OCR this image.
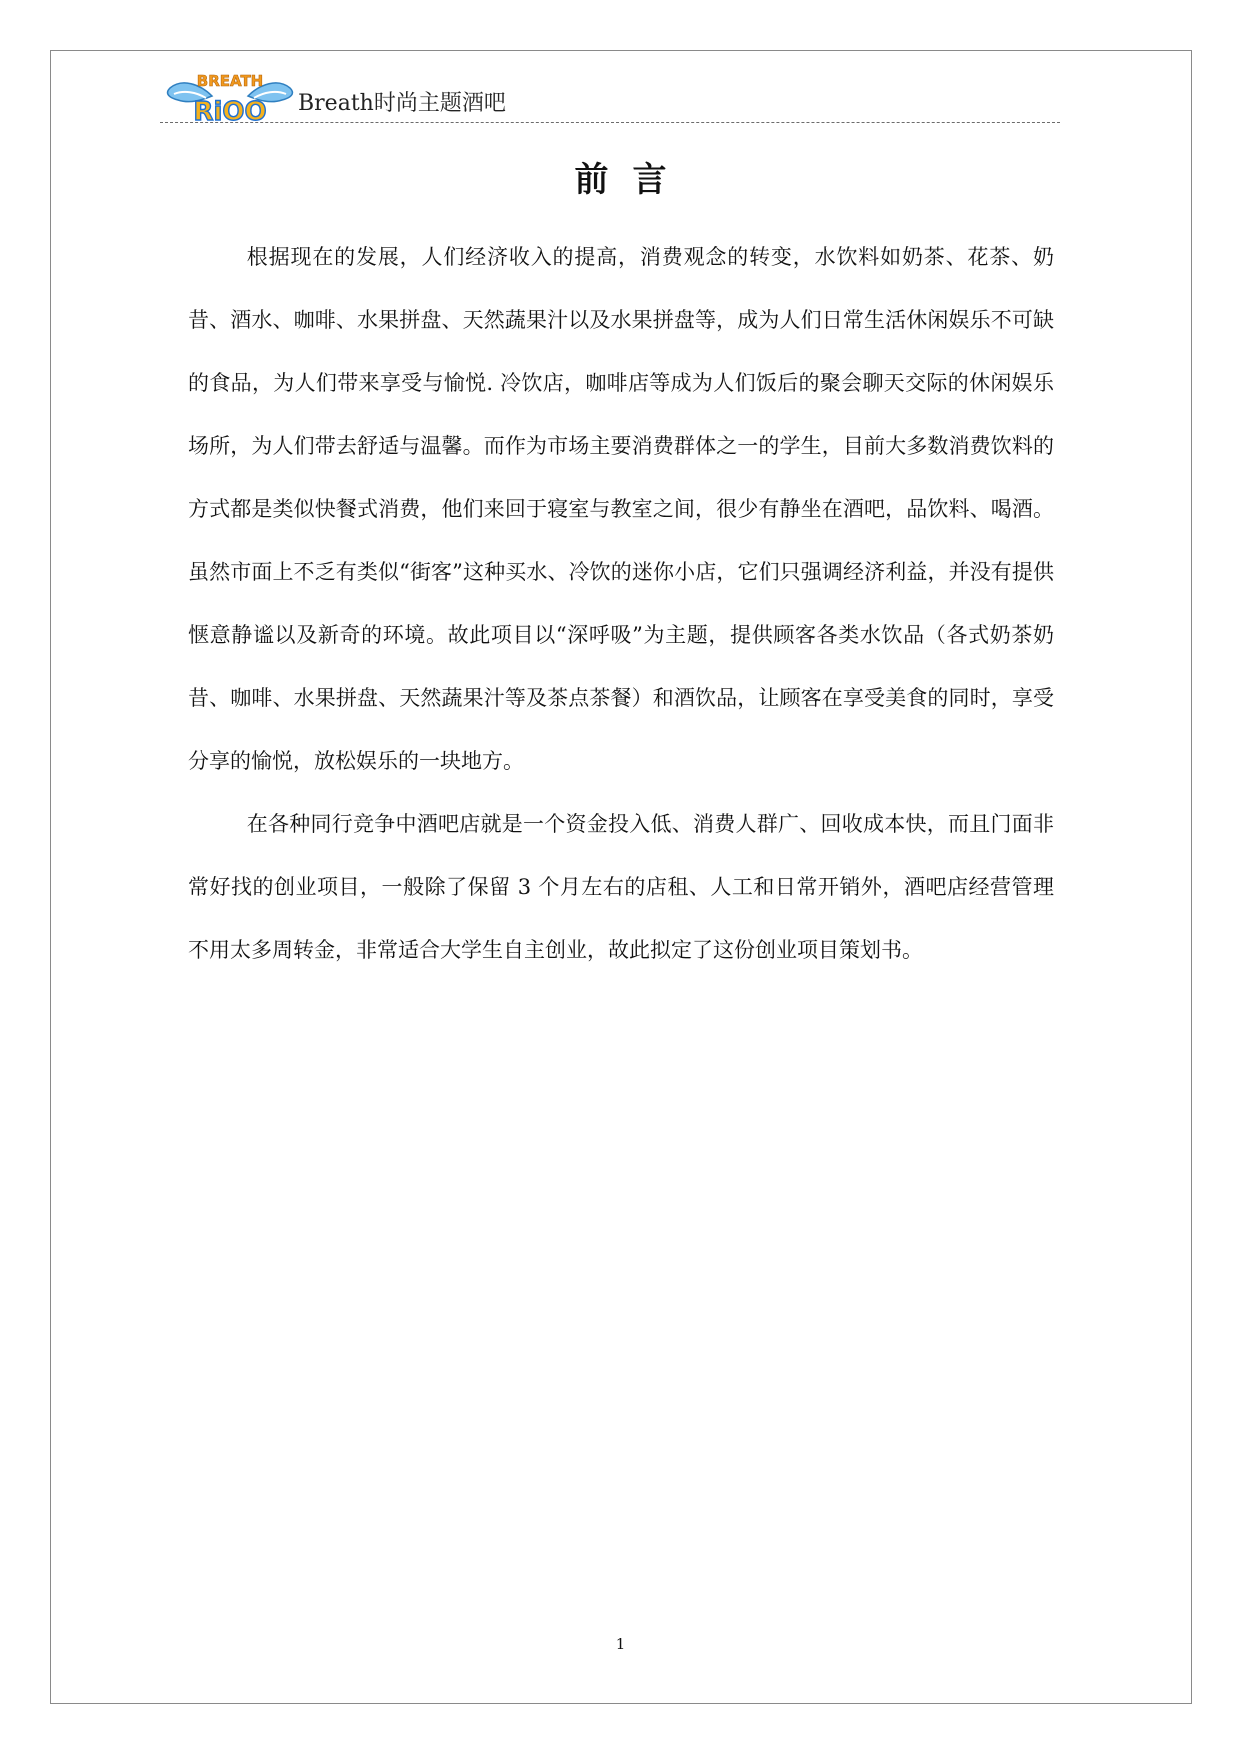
BREATH
RiOO Breath时尚主题酒吧
前言

根据现在的发展，人们经济收入的提高，消费观念的转变，水饮料如奶茶、花茶、奶昔、酒水、咖啡、水果拼盘、天然蔬果汁以及水果拼盘等，成为人们日常生活休闲娱乐不可缺的食品，为人们带来享受与愉悦. 冷饮店，咖啡店等成为人们饭后的聚会聊天交际的休闲娱乐场所，为人们带去舒适与温馨。而作为市场主要消费群体之一的学生，目前大多数消费饮料的方式都是类似快餐式消费，他们来回于寝室与教室之间，很少有静坐在酒吧，品饮料、喝酒。虽然市面上不乏有类似“街客”这种买水、冷饮的迷你小店，它们只强调经济利益，并没有提供惬意静谧以及新奇的环境。故此项目以“深呼吸”为主题，提供顾客各类水饮品（各式奶茶奶昔、咖啡、水果拼盘、天然蔬果汁等及茶点茶餐）和酒饮品，让顾客在享受美食的同时，享受分享的愉悦，放松娱乐的一块地方。

在各种同行竞争中酒吧店就是一个资金投入低、消费人群广、回收成本快，而且门面非常好找的创业项目，一般除了保留 3 个月左右的店租、人工和日常开销外，酒吧店经营管理不用太多周转金，非常适合大学生自主创业，故此拟定了这份创业项目策划书。

1
